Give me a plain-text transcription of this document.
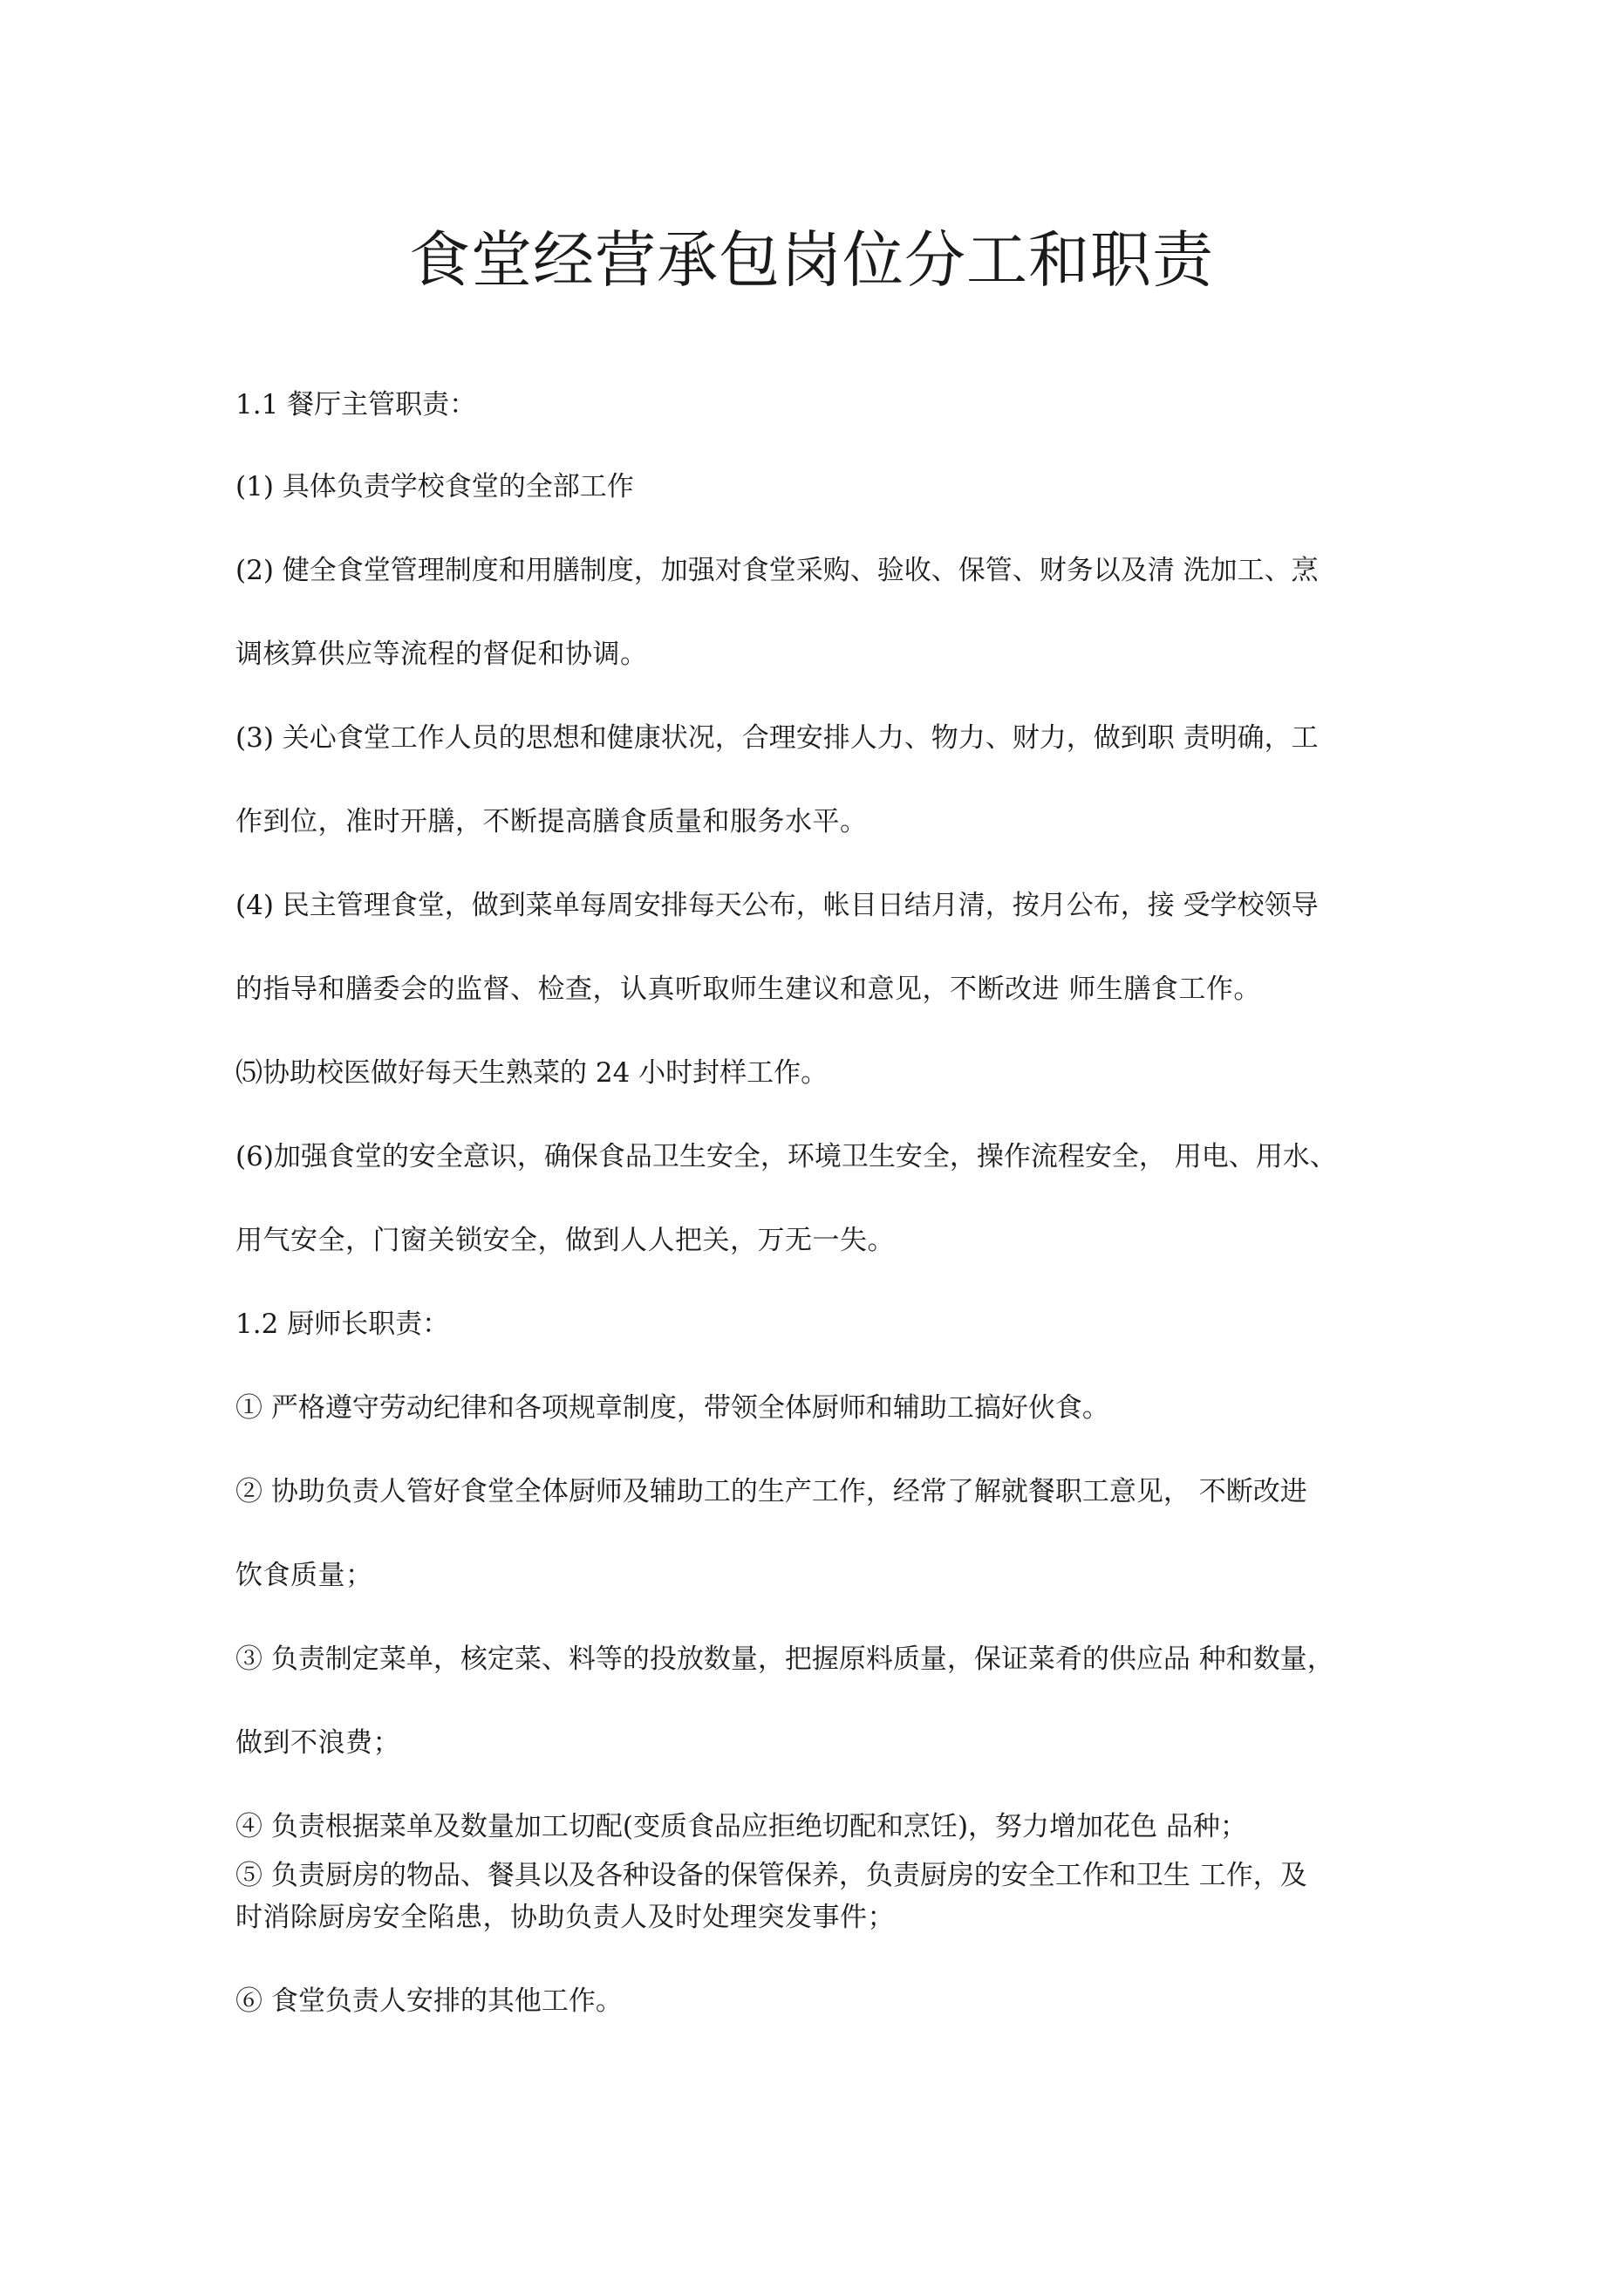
食堂经营承包岗位分工和职责
1.1 餐厅主管职责：
(1) 具体负责学校食堂的全部工作
(2) 健全食堂管理制度和用膳制度，加强对食堂采购、验收、保管、财务以及清 洗加工、烹
调核算供应等流程的督促和协调。
(3) 关心食堂工作人员的思想和健康状况，合理安排人力、物力、财力，做到职 责明确，工
作到位，准时开膳，不断提高膳食质量和服务水平。
(4) 民主管理食堂，做到菜单每周安排每天公布，帐目日结月清，按月公布，接 受学校领导
的指导和膳委会的监督、检查，认真听取师生建议和意见，不断改进 师生膳食工作。
⑸协助校医做好每天生熟菜的 24 小时封样工作。
(6)加强食堂的安全意识，确保食品卫生安全，环境卫生安全，操作流程安全， 用电、用水、
用气安全，门窗关锁安全，做到人人把关，万无一失。
1.2 厨师长职责：
① 严格遵守劳动纪律和各项规章制度，带领全体厨师和辅助工搞好伙食。
② 协助负责人管好食堂全体厨师及辅助工的生产工作，经常了解就餐职工意见， 不断改进
饮食质量；
③ 负责制定菜单，核定菜、料等的投放数量，把握原料质量，保证菜肴的供应品 种和数量，
做到不浪费；
④ 负责根据菜单及数量加工切配(变质食品应拒绝切配和烹饪)，努力增加花色 品种；
⑤ 负责厨房的物品、餐具以及各种设备的保管保养，负责厨房的安全工作和卫生 工作，及
时消除厨房安全陷患，协助负责人及时处理突发事件；
⑥ 食堂负责人安排的其他工作。
